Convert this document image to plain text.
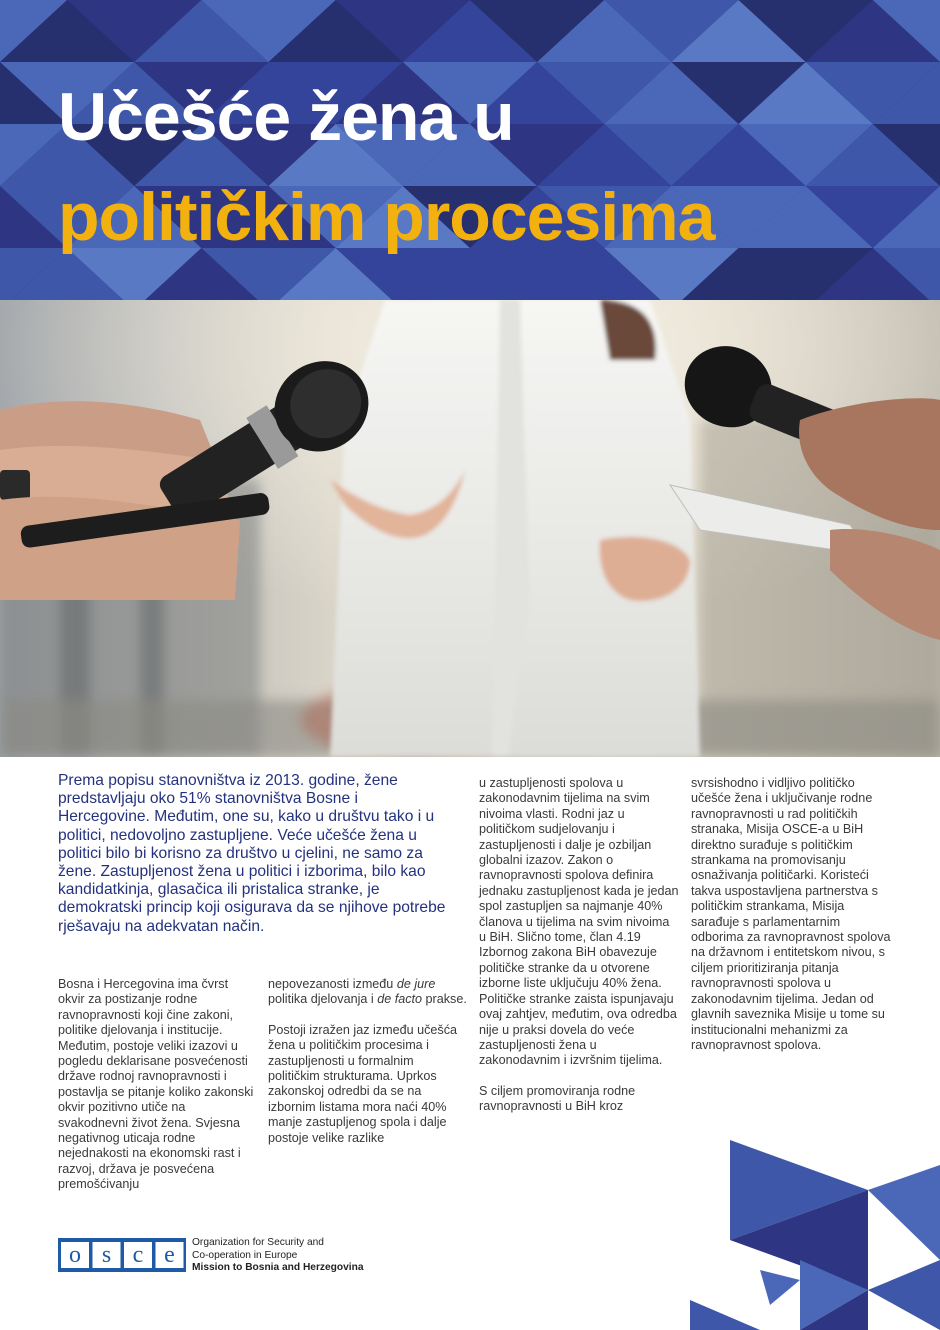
Učešće žena u
političkim procesima

Prema popisu stanovništva iz 2013. godine, žene predstavljaju oko 51% stanovništva Bosne i Hercegovine. Međutim, one su, kako u društvu tako i u politici, nedovoljno zastupljene. Veće učešće žena u politici bilo bi korisno za društvo u cjelini, ne samo za žene. Zastupljenost žena u politici i izborima, bilo kao kandidatkinja, glasačica ili pristalica stranke, je demokratski princip koji osigurava da se njihove potrebe rješavaju na adekvatan način.

Bosna i Hercegovina ima čvrst okvir za postizanje rodne ravnopravnosti koji čine zakoni, politike djelovanja i institucije. Međutim, postoje veliki izazovi u pogledu deklarisane posvećenosti države rodnoj ravnopravnosti i postavlja se pitanje koliko zakonski okvir pozitivno utiče na svakodnevni život žena. Svjesna negativnog uticaja rodne nejednakosti na ekonomski rast i razvoj, država je posvećena premošćivanju

nepovezanosti između de jure politika djelovanja i de facto prakse.

Postoji izražen jaz između učešća žena u političkim procesima i zastupljenosti u formalnim političkim strukturama. Uprkos zakonskoj odredbi da se na izbornim listama mora naći 40% manje zastupljenog spola i dalje postoje velike razlike

u zastupljenosti spolova u zakonodavnim tijelima na svim nivoima vlasti. Rodni jaz u političkom sudjelovanju i zastupljenosti i dalje je ozbiljan globalni izazov. Zakon o ravnopravnosti spolova definira jednaku zastupljenost kada je jedan spol zastupljen sa najmanje 40% članova u tijelima na svim nivoima u BiH. Slično tome, član 4.19 Izbornog zakona BiH obavezuje političke stranke da u otvorene izborne liste uključuju 40% žena. Političke stranke zaista ispunjavaju ovaj zahtjev, međutim, ova odredba nije u praksi dovela do veće zastupljenosti žena u zakonodavnim i izvršnim tijelima.

S ciljem promoviranja rodne ravnopravnosti u BiH kroz

svrsishodno i vidljivo političko učešće žena i uključivanje rodne ravnopravnosti u rad političkih stranaka, Misija OSCE-a u BiH direktno surađuje s političkim strankama na promovisanju osnaživanja političarki. Koristeći takva uspostavljena partnerstva s političkim strankama, Misija sarađuje s parlamentarnim odborima za ravnopravnost spolova na državnom i entitetskom nivou, s ciljem prioritiziranja pitanja ravnopravnosti spolova u zakonodavnim tijelima. Jedan od glavnih saveznika Misije u tome su institucionalni mehanizmi za ravnopravnost spolova.

o s c e Organization for Security and
Co-operation in Europe
Mission to Bosnia and Herzegovina
